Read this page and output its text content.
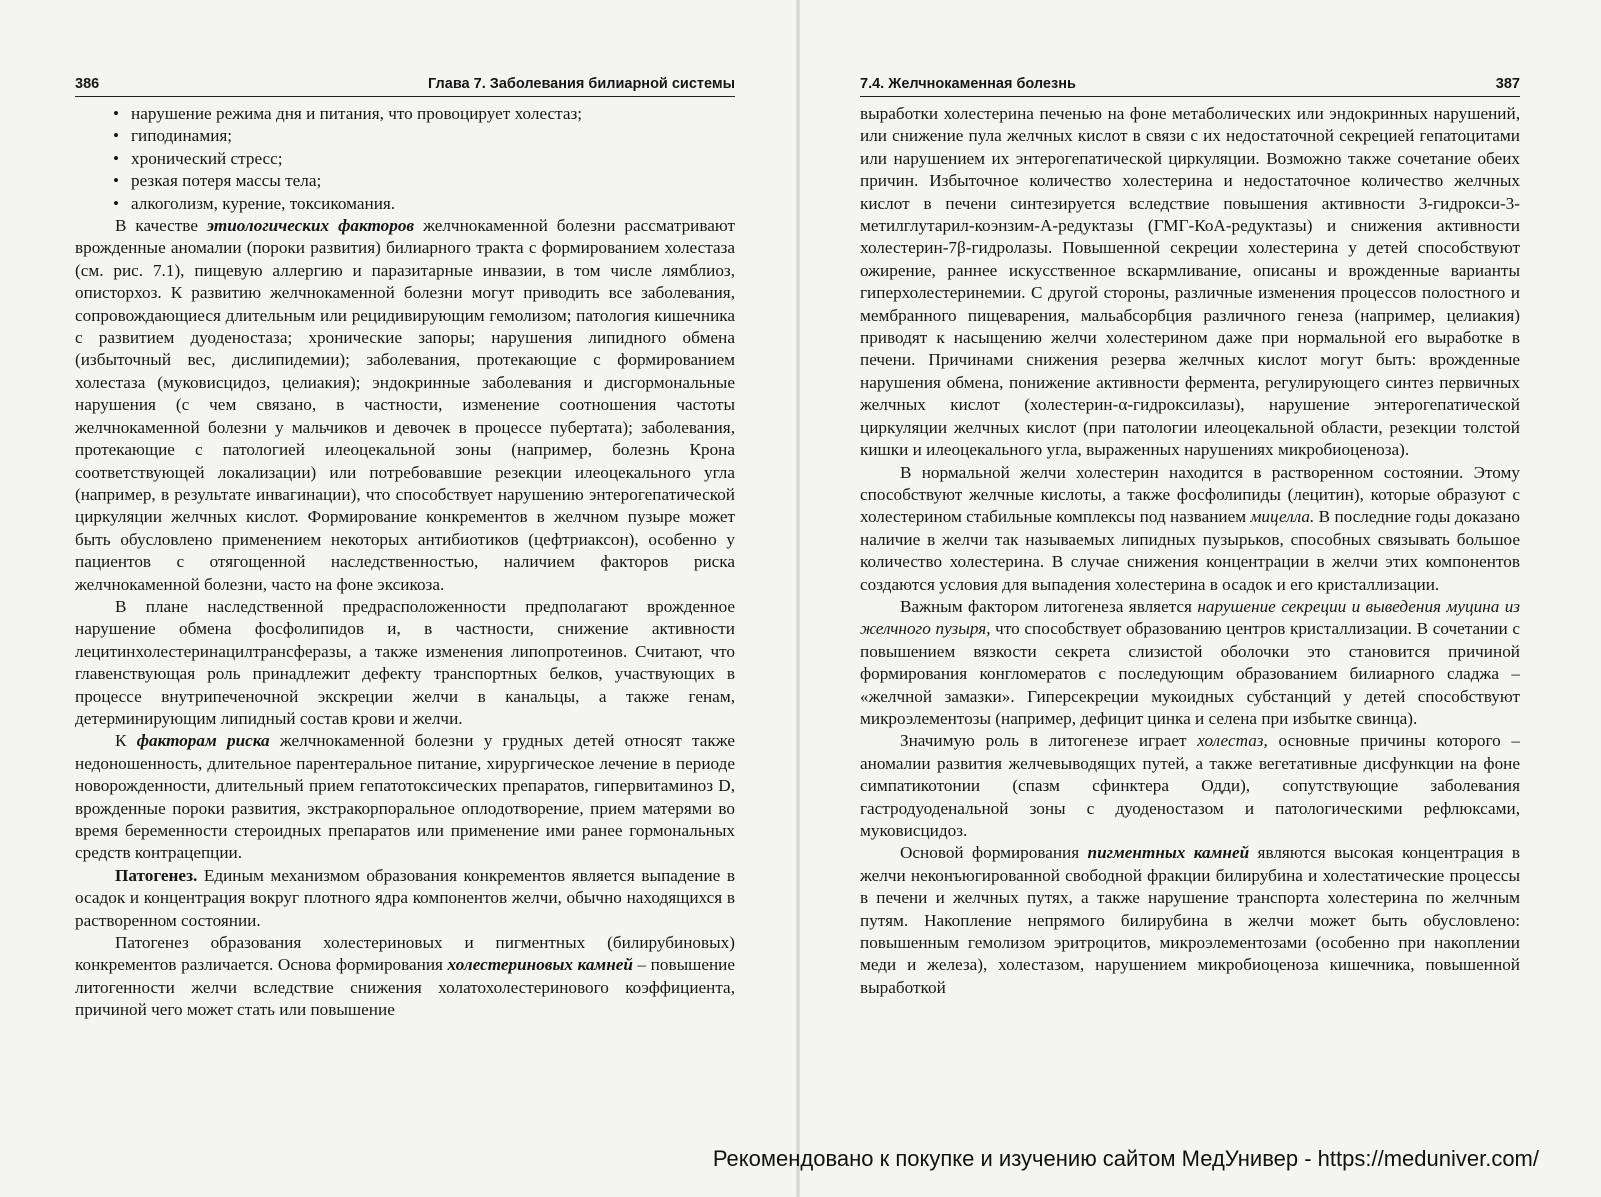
386	Глава 7. Заболевания билиарной системы
• нарушение режима дня и питания, что провоцирует холестаз;
• гиподинамия;
• хронический стресс;
• резкая потеря массы тела;
• алкоголизм, курение, токсикомания.

В качестве этиологических факторов желчнокаменной болезни рассматривают врожденные аномалии (пороки развития) билиарного тракта с формированием холестаза (см. рис. 7.1), пищевую аллергию и паразитарные инвазии, в том числе лямблиоз, описторхоз. К развитию желчнокаменной болезни могут приводить все заболевания, сопровождающиеся длительным или рецидивирующим гемолизом; патология кишечника с развитием дуоденостаза; хронические запоры; нарушения липидного обмена (избыточный вес, дислипидемии); заболевания, протекающие с формированием холестаза (муковисцидоз, целиакия); эндокринные заболевания и дисгормональные нарушения (с чем связано, в частности, изменение соотношения частоты желчнокаменной болезни у мальчиков и девочек в процессе пубертата); заболевания, протекающие с патологией илеоцекальной зоны (например, болезнь Крона соответствующей локализации) или потребовавшие резекции илеоцекального угла (например, в результате инвагинации), что способствует нарушению энтерогепатической циркуляции желчных кислот. Формирование конкрементов в желчном пузыре может быть обусловлено применением некоторых антибиотиков (цефтриаксон), особенно у пациентов с отягощенной наследственностью, наличием факторов риска желчнокаменной болезни, часто на фоне эксикоза.

В плане наследственной предрасположенности предполагают врожденное нарушение обмена фосфолипидов и, в частности, снижение активности лецитинхолестеринацилтрансферазы, а также изменения липопротеинов. Считают, что главенствующая роль принадлежит дефекту транспортных белков, участвующих в процессе внутрипеченочной экскреции желчи в канальцы, а также генам, детерминирующим липидный состав крови и желчи.

К факторам риска желчнокаменной болезни у грудных детей относят также недоношенность, длительное парентеральное питание, хирургическое лечение в периоде новорожденности, длительный прием гепатотоксических препаратов, гипервитаминоз D, врожденные пороки развития, экстракорпоральное оплодотворение, прием матерями во время беременности стероидных препаратов или применение ими ранее гормональных средств контрацепции.

Патогенез. Единым механизмом образования конкрементов является выпадение в осадок и концентрация вокруг плотного ядра компонентов желчи, обычно находящихся в растворенном состоянии.

Патогенез образования холестериновых и пигментных (билирубиновых) конкрементов различается. Основа формирования холестериновых камней – повышение литогенности желчи вследствие снижения холатохолестеринового коэффициента, причиной чего может стать или повышение

7.4. Желчнокаменная болезнь	387

выработки холестерина печенью на фоне метаболических или эндокринных нарушений, или снижение пула желчных кислот в связи с их недостаточной секрецией гепатоцитами или нарушением их энтерогепатической циркуляции. Возможно также сочетание обеих причин. Избыточное количество холестерина и недостаточное количество желчных кислот в печени синтезируется вследствие повышения активности 3-гидрокси-3-метилглутарил-коэнзим-А-редуктазы (ГМГ-КоА-редуктазы) и снижения активности холестерин-7β-гидролазы. Повышенной секреции холестерина у детей способствуют ожирение, раннее искусственное вскармливание, описаны и врожденные варианты гиперхолестеринемии. С другой стороны, различные изменения процессов полостного и мембранного пищеварения, мальабсорбция различного генеза (например, целиакия) приводят к насыщению желчи холестерином даже при нормальной его выработке в печени. Причинами снижения резерва желчных кислот могут быть: врожденные нарушения обмена, понижение активности фермента, регулирующего синтез первичных желчных кислот (холестерин-α-гидроксилазы), нарушение энтерогепатической циркуляции желчных кислот (при патологии илеоцекальной области, резекции толстой кишки и илеоцекального угла, выраженных нарушениях микробиоценоза).

В нормальной желчи холестерин находится в растворенном состоянии. Этому способствуют желчные кислоты, а также фосфолипиды (лецитин), которые образуют с холестерином стабильные комплексы под названием мицелла. В последние годы доказано наличие в желчи так называемых липидных пузырьков, способных связывать большое количество холестерина. В случае снижения концентрации в желчи этих компонентов создаются условия для выпадения холестерина в осадок и его кристаллизации.

Важным фактором литогенеза является нарушение секреции и выведения муцина из желчного пузыря, что способствует образованию центров кристаллизации. В сочетании с повышением вязкости секрета слизистой оболочки это становится причиной формирования конгломератов с последующим образованием билиарного сладжа – «желчной замазки». Гиперсекреции мукоидных субстанций у детей способствуют микроэлементозы (например, дефицит цинка и селена при избытке свинца).

Значимую роль в литогенезе играет холестаз, основные причины которого – аномалии развития желчевыводящих путей, а также вегетативные дисфункции на фоне симпатикотонии (спазм сфинктера Одди), сопутствующие заболевания гастродуоденальной зоны с дуоденостазом и патологическими рефлюксами, муковисцидоз.

Основой формирования пигментных камней являются высокая концентрация в желчи неконъюгированной свободной фракции билирубина и холестатические процессы в печени и желчных путях, а также нарушение транспорта холестерина по желчным путям. Накопление непрямого билирубина в желчи может быть обусловлено: повышенным гемолизом эритроцитов, микроэлементозами (особенно при накоплении меди и железа), холестазом, нарушением микробиоценоза кишечника, повышенной выработкой

Рекомендовано к покупке и изучению сайтом МедУнивер - https://meduniver.com/
